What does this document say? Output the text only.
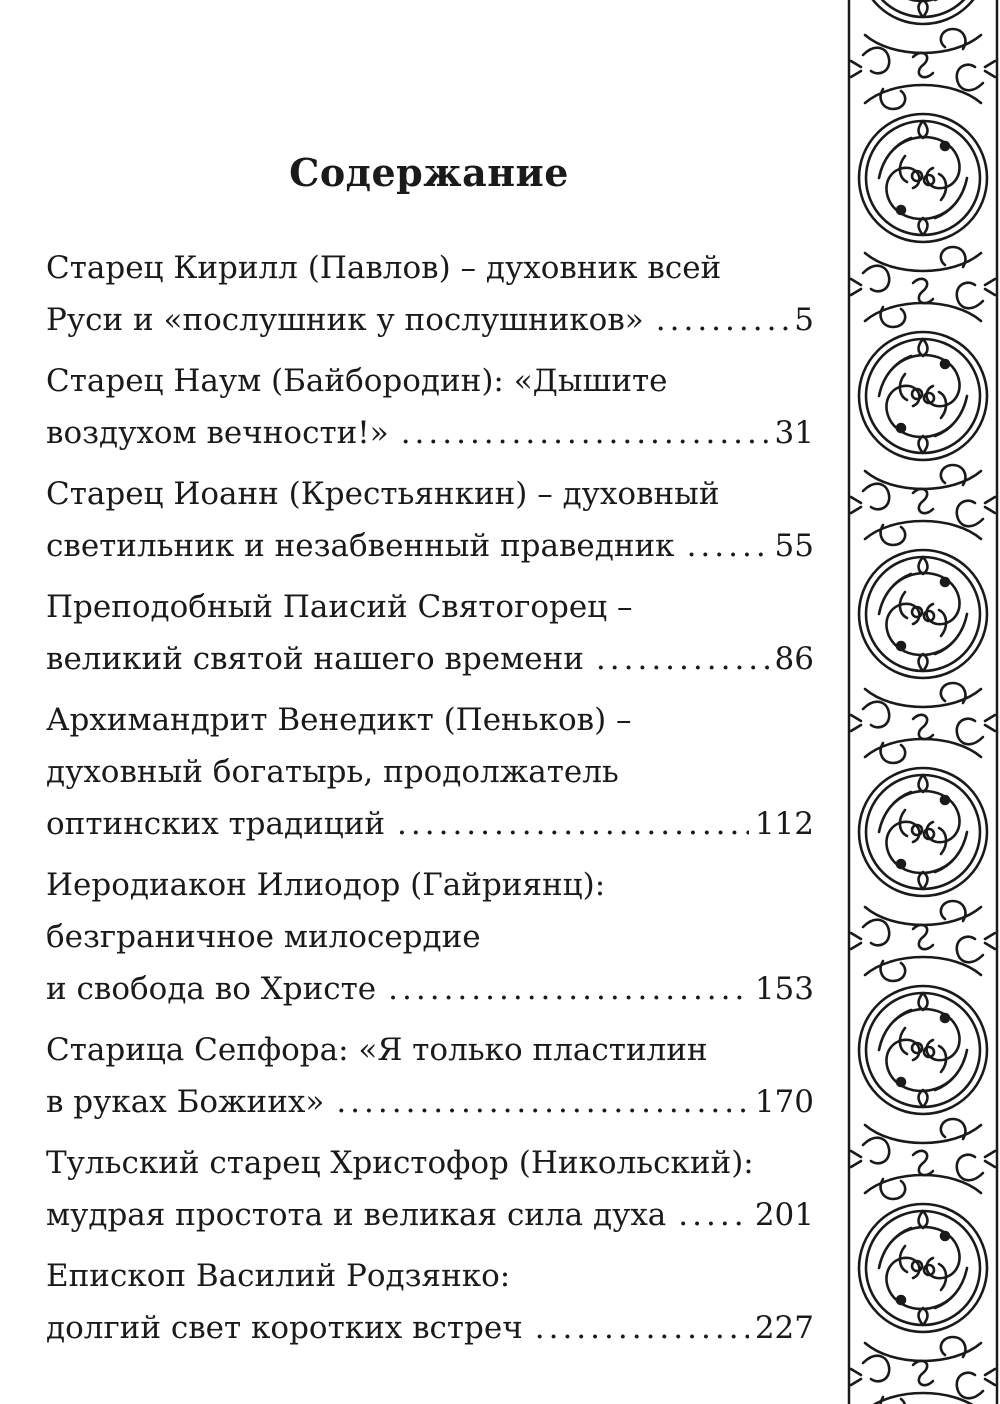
Содержание
Старец Кирилл (Павлов) – духовник всей
Руси и «послушник у послушников» .....	5
Старец Наум (Байбородин): «Дышите
воздухом вечности!» .....	31
Старец Иоанн (Крестьянкин) – духовный
светильник и незабвенный праведник .....	55
Преподобный Паисий Святогорец –
великий святой нашего времени .....	86
Архимандрит Венедикт (Пеньков) –
духовный богатырь, продолжатель
оптинских традиций .....	112
Иеродиакон Илиодор (Гайриянц):
безграничное милосердие
и свобода во Христе .....	153
Старица Сепфора: «Я только пластилин
в руках Божиих» .....	170
Тульский старец Христофор (Никольский):
мудрая простота и великая сила духа .....	201
Епископ Василий Родзянко:
долгий свет коротких встреч .....	227
